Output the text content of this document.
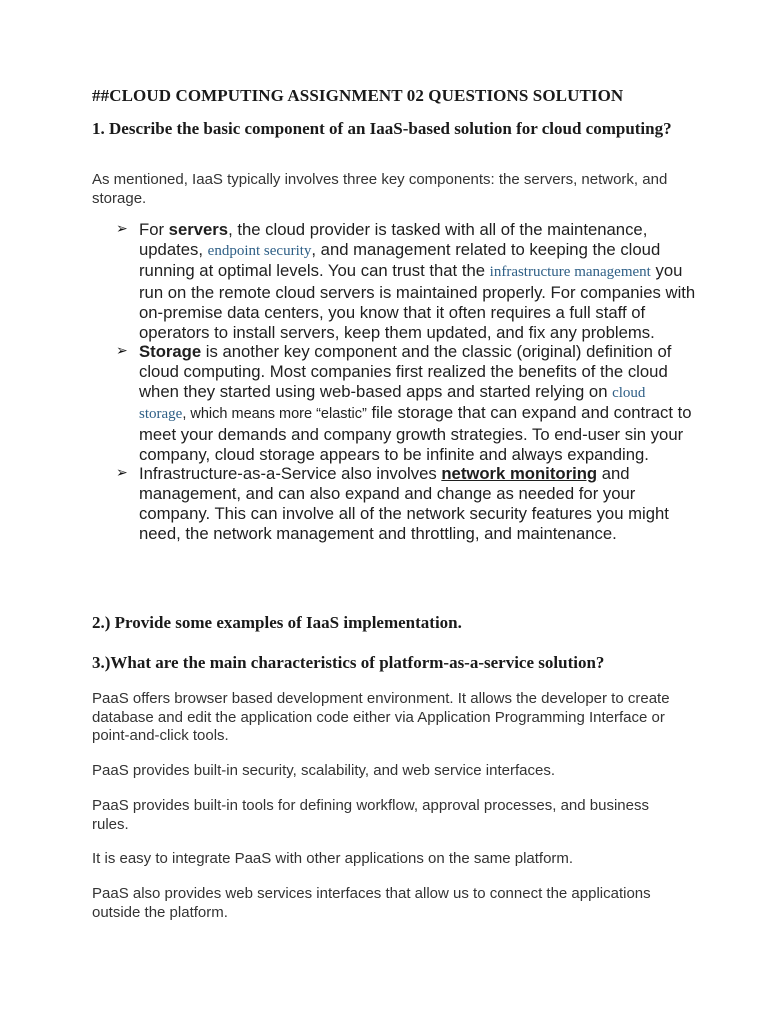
##CLOUD COMPUTING ASSIGNMENT 02 QUESTIONS SOLUTION
1. Describe the basic component of an IaaS-based solution for cloud computing?
As mentioned, IaaS typically involves three key components: the servers, network, and storage.
➢ For servers, the cloud provider is tasked with all of the maintenance, updates, endpoint security, and management related to keeping the cloud running at optimal levels. You can trust that the infrastructure management you run on the remote cloud servers is maintained properly. For companies with on-premise data centers, you know that it often requires a full staff of operators to install servers, keep them updated, and fix any problems.
➢ Storage is another key component and the classic (original) definition of cloud computing. Most companies first realized the benefits of the cloud when they started using web-based apps and started relying on cloud storage, which means more “elastic” file storage that can expand and contract to meet your demands and company growth strategies. To end-user sin your company, cloud storage appears to be infinite and always expanding.
➢ Infrastructure-as-a-Service also involves network monitoring and management, and can also expand and change as needed for your company. This can involve all of the network security features you might need, the network management and throttling, and maintenance.
2.) Provide some examples of IaaS implementation.
3.)What are the main characteristics of platform-as-a-service solution?
PaaS offers browser based development environment. It allows the developer to create database and edit the application code either via Application Programming Interface or point-and-click tools.
PaaS provides built-in security, scalability, and web service interfaces.
PaaS provides built-in tools for defining workflow, approval processes, and business rules.
It is easy to integrate PaaS with other applications on the same platform.
PaaS also provides web services interfaces that allow us to connect the applications outside the platform.
